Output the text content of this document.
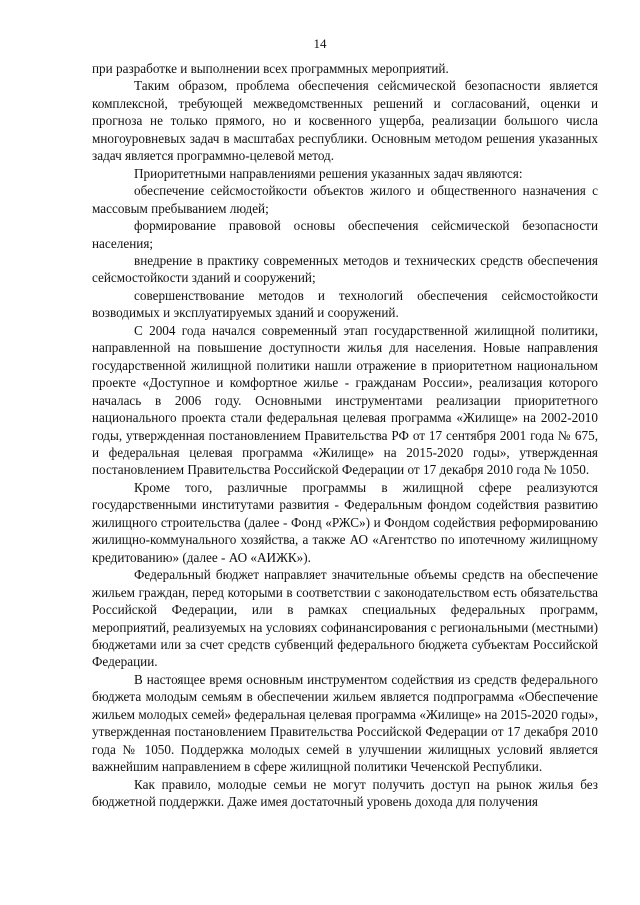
14

при разработке и выполнении всех программных мероприятий.

Таким образом, проблема обеспечения сейсмической безопасности является комплексной, требующей межведомственных решений и согласований, оценки и прогноза не только прямого, но и косвенного ущерба, реализации большого числа многоуровневых задач в масштабах республики. Основным методом решения указанных задач является программно-целевой метод.

Приоритетными направлениями решения указанных задач являются:

обеспечение сейсмостойкости объектов жилого и общественного назначения с массовым пребыванием людей;

формирование правовой основы обеспечения сейсмической безопасности населения;

внедрение в практику современных методов и технических средств обеспечения сейсмостойкости зданий и сооружений;

совершенствование методов и технологий обеспечения сейсмостойкости возводимых и эксплуатируемых зданий и сооружений.

С 2004 года начался современный этап государственной жилищной политики, направленной на повышение доступности жилья для населения. Новые направления государственной жилищной политики нашли отражение в приоритетном национальном проекте «Доступное и комфортное жилье - гражданам России», реализация которого началась в 2006 году. Основными инструментами реализации приоритетного национального проекта стали федеральная целевая программа «Жилище» на 2002-2010 годы, утвержденная постановлением Правительства РФ от 17 сентября 2001 года № 675, и федеральная целевая программа «Жилище» на 2015-2020 годы», утвержденная постановлением Правительства Российской Федерации от 17 декабря 2010 года № 1050.

Кроме того, различные программы в жилищной сфере реализуются государственными институтами развития - Федеральным фондом содействия развитию жилищного строительства (далее - Фонд «РЖС») и Фондом содействия реформированию жилищно-коммунального хозяйства, а также АО «Агентство по ипотечному жилищному кредитованию» (далее - АО «АИЖК»).

Федеральный бюджет направляет значительные объемы средств на обеспечение жильем граждан, перед которыми в соответствии с законодательством есть обязательства Российской Федерации, или в рамках специальных федеральных программ, мероприятий, реализуемых на условиях софинансирования с региональными (местными) бюджетами или за счет средств субвенций федерального бюджета субъектам Российской Федерации.

В настоящее время основным инструментом содействия из средств федерального бюджета молодым семьям в обеспечении жильем является подпрограмма «Обеспечение жильем молодых семей» федеральная целевая программа «Жилище» на 2015-2020 годы», утвержденная постановлением Правительства Российской Федерации от 17 декабря 2010 года № 1050. Поддержка молодых семей в улучшении жилищных условий является важнейшим направлением в сфере жилищной политики Чеченской Республики.

Как правило, молодые семьи не могут получить доступ на рынок жилья без бюджетной поддержки. Даже имея достаточный уровень дохода для получения
